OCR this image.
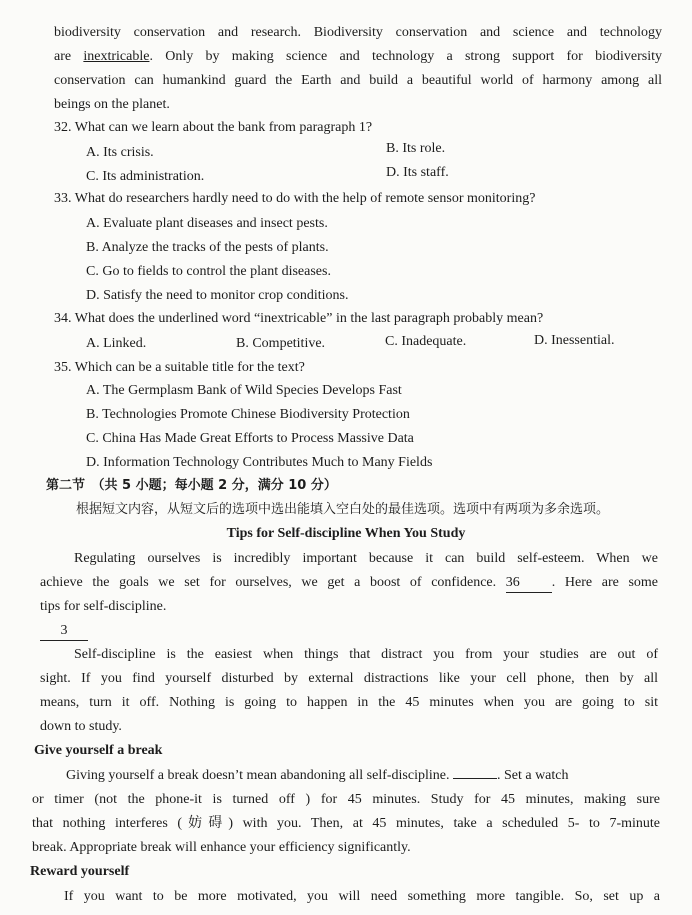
biodiversity conservation and research. Biodiversity conservation and science and technology
are inextricable. Only by making science and technology a strong support for biodiversity
conservation can humankind guard the Earth and build a beautiful world of harmony among all
beings on the planet.
32. What can we learn about the bank from paragraph 1?
A. Its crisis.	B. Its role.
C. Its administration.	D. Its staff.
33. What do researchers hardly need to do with the help of remote sensor monitoring?
A. Evaluate plant diseases and insect pests.
B. Analyze the tracks of the pests of plants.
C. Go to fields to control the plant diseases.
D. Satisfy the need to monitor crop conditions.
34. What does the underlined word “inextricable” in the last paragraph probably mean?
A. Linked.	B. Competitive.	C. Inadequate.	D. Inessential.
35. Which can be a suitable title for the text?
A. The Germplasm Bank of Wild Species Develops Fast
B. Technologies Promote Chinese Biodiversity Protection
C. China Has Made Great Efforts to Process Massive Data
D. Information Technology Contributes Much to Many Fields
第二节　（共 5 小题；每小题 2 分，满分 10 分）
根据短文内容，从短文后的选项中选出能填入空白处的最佳选项。选项中有两项为多余选项。
Tips for Self-discipline When You Study
Regulating ourselves is incredibly important because it can build self-esteem. When we
achieve the goals we set for ourselves, we get a boost of confidence. 36 . Here are some
tips for self-discipline.
3
Self-discipline is the easiest when things that distract you from your studies are out of
sight. If you find yourself disturbed by external distractions like your cell phone, then by all
means, turn it off. Nothing is going to happen in the 45 minutes when you are going to sit
down to study.
Give yourself a break
Giving yourself a break doesn’t mean abandoning all self-discipline.	. Set a watch
or timer (not the phone-it is turned off ) for 45 minutes. Study for 45 minutes, making sure
that nothing interferes (妨碍) with you. Then, at 45 minutes, take a scheduled 5- to 7-minute
break. Appropriate break will enhance your efficiency significantly.
Reward yourself
If you want to be more motivated, you will need something more tangible. So, set up a
